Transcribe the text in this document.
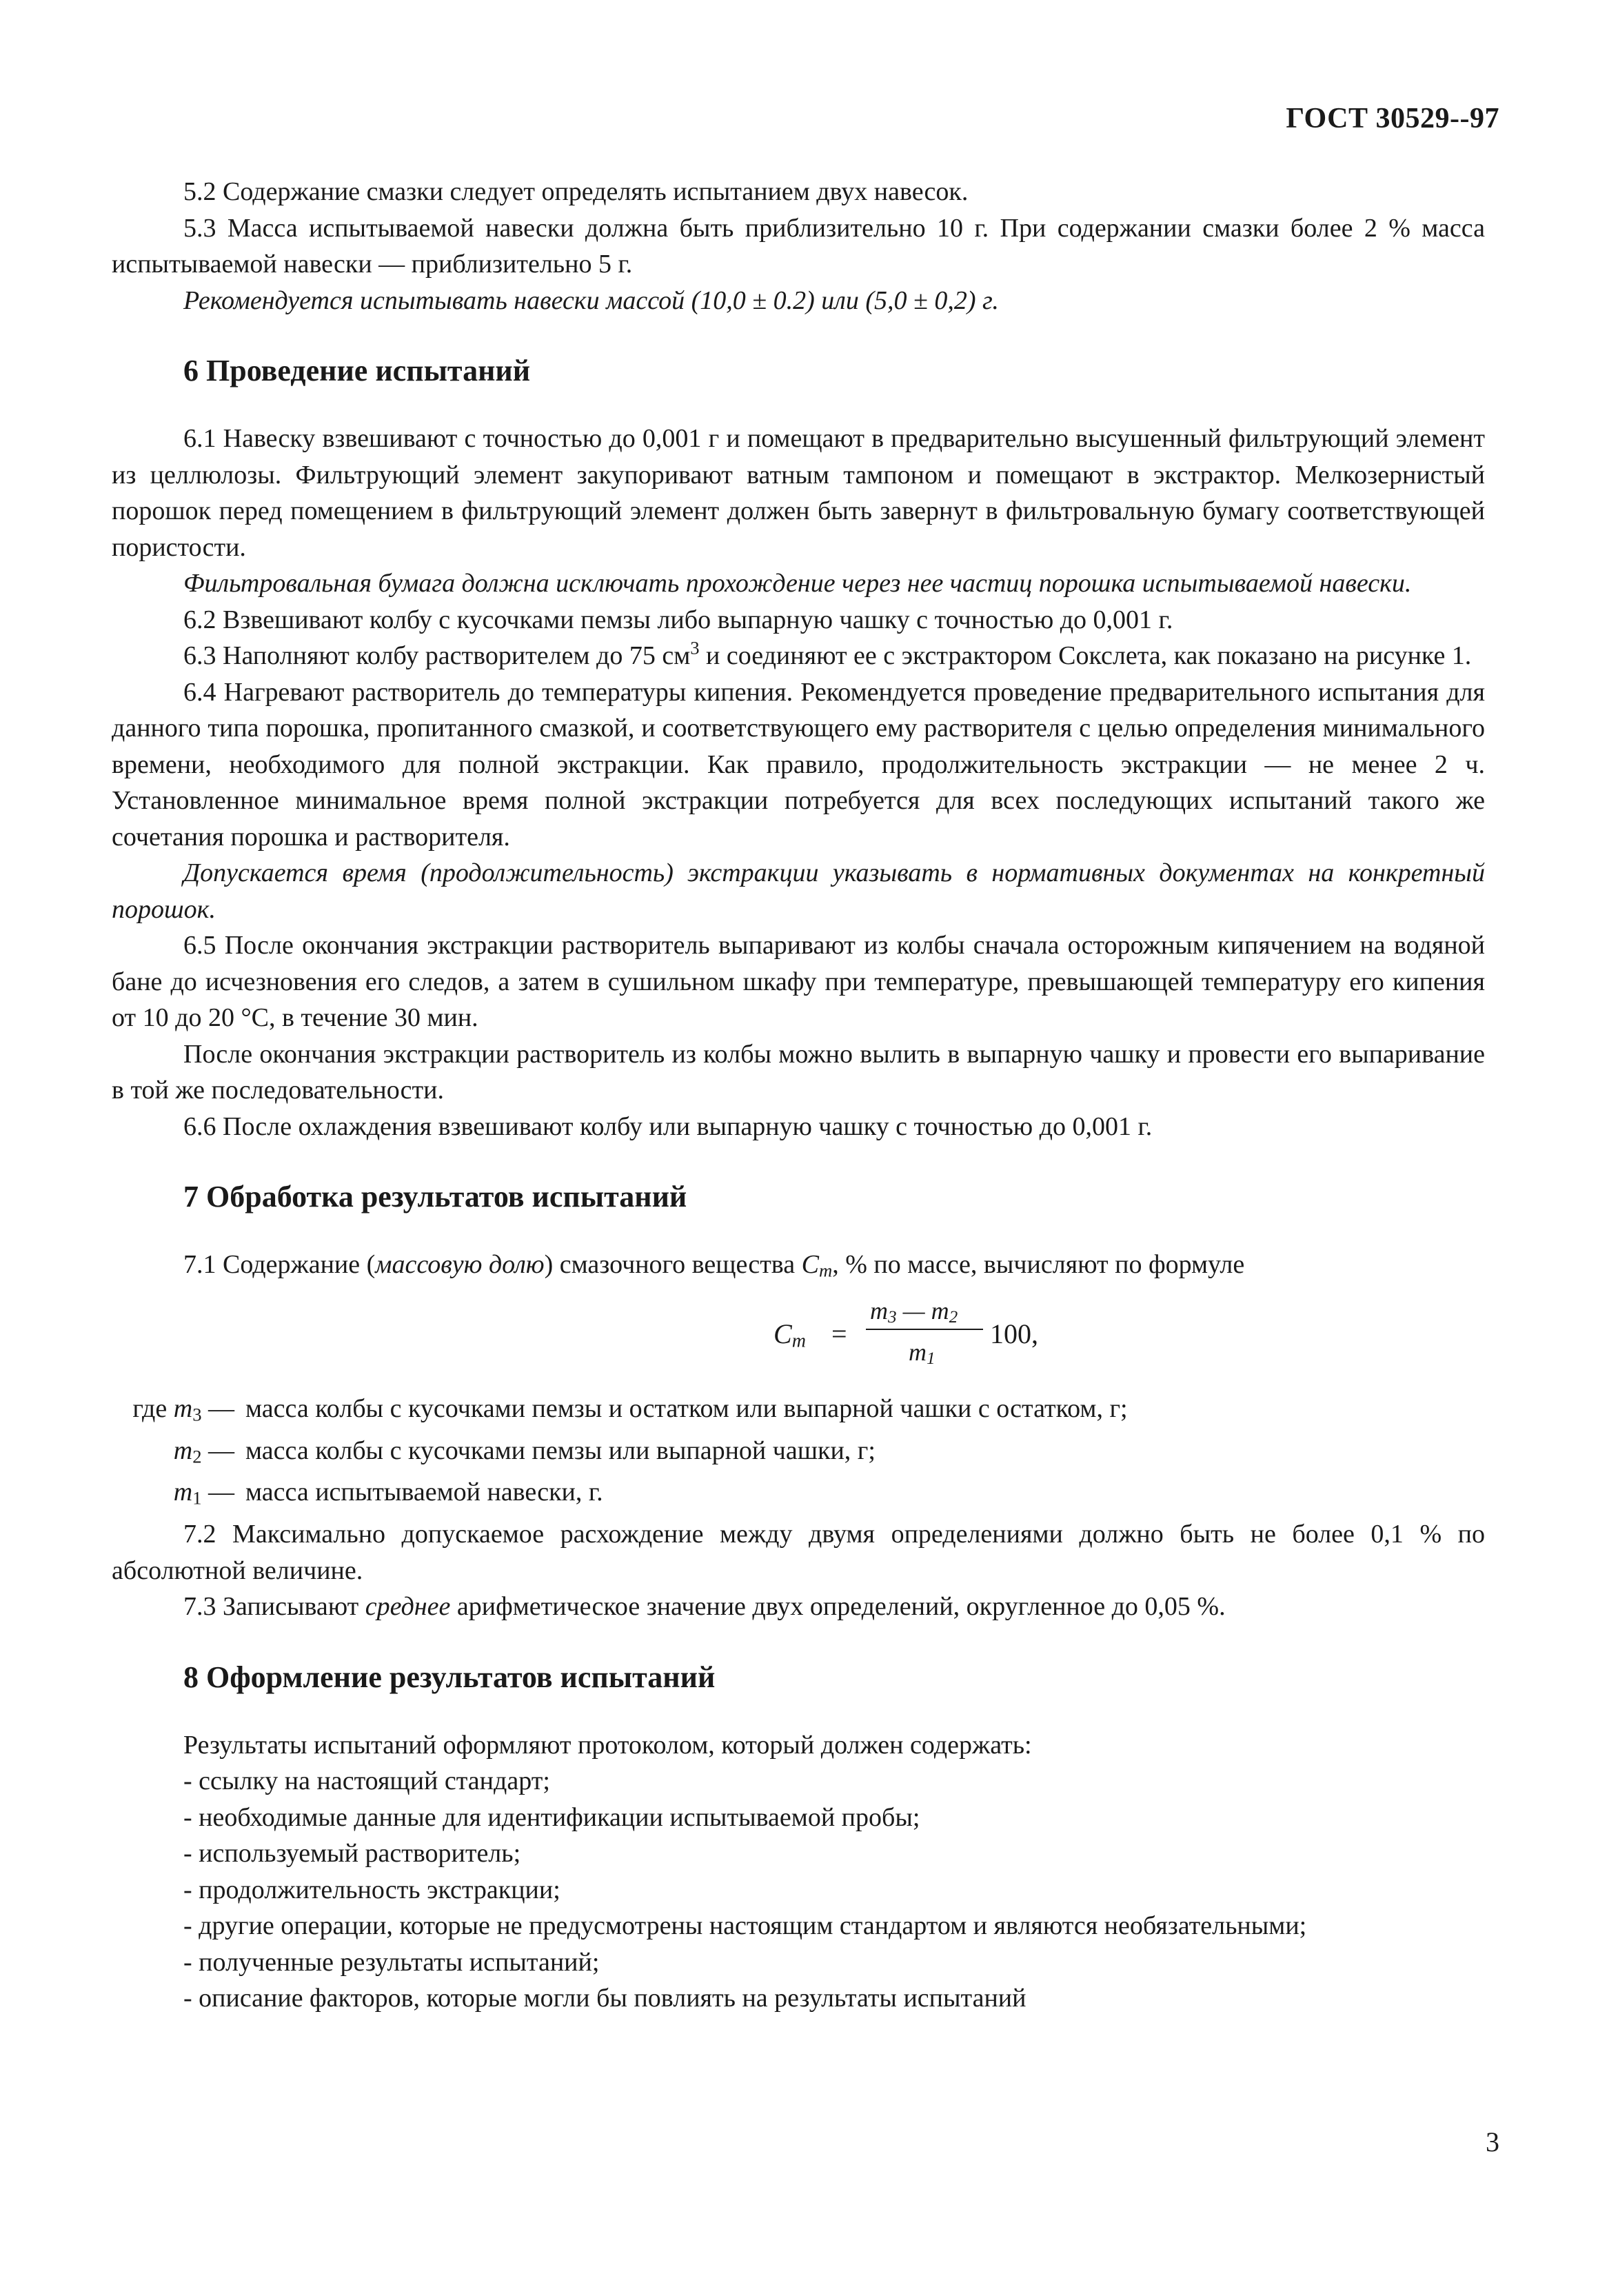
ГОСТ 30529--97

5.2 Содержание смазки следует определять испытанием двух навесок.

5.3 Масса испытываемой навески должна быть приблизительно 10 г. При содержании смазки более 2 % масса испытываемой навески — приблизительно 5 г.

Рекомендуется испытывать навески массой (10,0 ± 0.2) или (5,0 ± 0,2) г.

6 Проведение испытаний

6.1 Навеску взвешивают с точностью до 0,001 г и помещают в предварительно высушенный фильтрующий элемент из целлюлозы. Фильтрующий элемент закупоривают ватным тампоном и помещают в экстрактор. Мелкозернистый порошок перед помещением в фильтрующий элемент должен быть завернут в фильтровальную бумагу соответствующей пористости.

Фильтровальная бумага должна исключать прохождение через нее частиц порошка испытываемой навески.

6.2 Взвешивают колбу с кусочками пемзы либо выпарную чашку с точностью до 0,001 г.

6.3 Наполняют колбу растворителем до 75 $см^3$ и соединяют ее с экстрактором Сокслета, как показано на рисунке 1.

6.4 Нагревают растворитель до температуры кипения. Рекомендуется проведение предварительного испытания для данного типа порошка, пропитанного смазкой, и соответствующего ему растворителя с целью определения минимального времени, необходимого для полной экстракции. Как правило, продолжительность экстракции — не менее 2 ч. Установленное минимальное время полной экстракции потребуется для всех последующих испытаний такого же сочетания порошка и растворителя.

Допускается время (продолжительность) экстракции указывать в нормативных документах на конкретный порошок.

6.5 После окончания экстракции растворитель выпаривают из колбы сначала осторожным кипячением на водяной бане до исчезновения его следов, а затем в сушильном шкафу при температуре, превышающей температуру его кипения от 10 до 20 °С, в течение 30 мин.

После окончания экстракции растворитель из колбы можно вылить в выпарную чашку и провести его выпаривание в той же последовательности.

6.6 После охлаждения взвешивают колбу или выпарную чашку с точностью до 0,001 г.

7 Обработка результатов испытаний

7.1 Содержание (массовую долю) смазочного вещества $C_m$, % по массе, вычисляют по формуле

$C_m$ =
$m_3$ — $m_2$
$m_1$
100,
где $m_3$ — масса колбы с кусочками пемзы и остатком или выпарной чашки с остатком, г;
$m_2$ — масса колбы с кусочками пемзы или выпарной чашки, г;
$m_1$ — масса испытываемой навески, г.

7.2 Максимально допускаемое расхождение между двумя определениями должно быть не более 0,1 % по абсолютной величине.

7.3 Записывают среднее арифметическое значение двух определений, округленное до 0,05 %.

8 Оформление результатов испытаний

Результаты испытаний оформляют протоколом, который должен содержать:

- ссылку на настоящий стандарт;

- необходимые данные для идентификации испытываемой пробы;

- используемый растворитель;

- продолжительность экстракции;

- другие операции, которые не предусмотрены настоящим стандартом и являются необязательными;

- полученные результаты испытаний;

- описание факторов, которые могли бы повлиять на результаты испытаний

3
